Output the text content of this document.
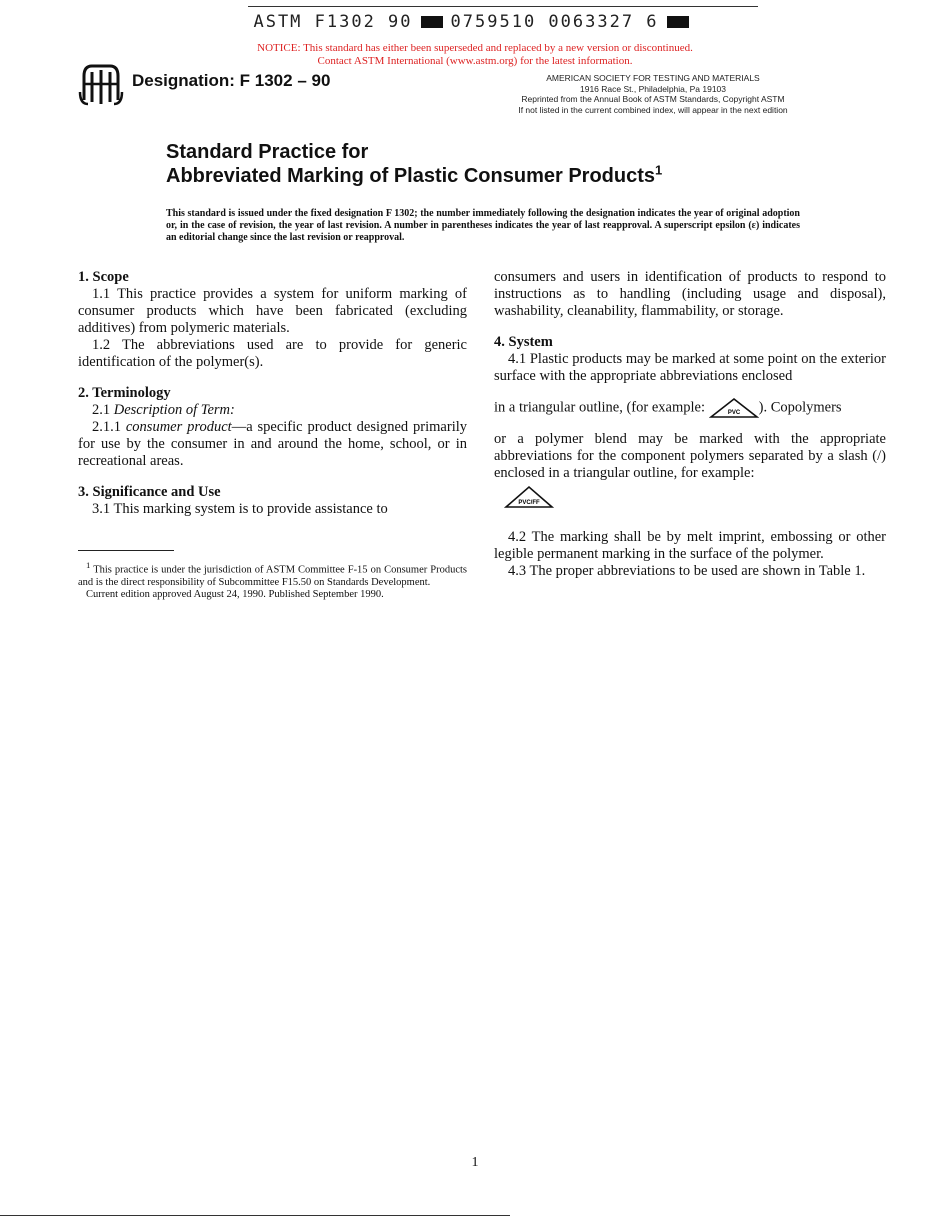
ASTM F1302 90 0759510 0063327 6
NOTICE: This standard has either been superseded and replaced by a new version or discontinued.
Contact ASTM International (www.astm.org) for the latest information.
Designation: F 1302 – 90	AMERICAN SOCIETY FOR TESTING AND MATERIALS
1916 Race St., Philadelphia, Pa 19103
Reprinted from the Annual Book of ASTM Standards, Copyright ASTM
If not listed in the current combined index, will appear in the next edition
Standard Practice for
Abbreviated Marking of Plastic Consumer Products$^1$
This standard is issued under the fixed designation F 1302; the number immediately following the designation indicates the year of original adoption or, in the case of revision, the year of last revision. A number in parentheses indicates the year of last reapproval. A superscript epsilon (ε) indicates an editorial change since the last revision or reapproval.
1. Scope

1.1 This practice provides a system for uniform marking of consumer products which have been fabricated (excluding additives) from polymeric materials.

1.2 The abbreviations used are to provide for generic identification of the polymer(s).

2. Terminology

2.1 Description of Term:

2.1.1 consumer product—a specific product designed primarily for use by the consumer in and around the home, school, or in recreational areas.

3. Significance and Use

3.1 This marking system is to provide assistance to

$^1$ This practice is under the jurisdiction of ASTM Committee F-15 on Consumer Products and is the direct responsibility of Subcommittee F15.50 on Standards Development.

Current edition approved August 24, 1990. Published September 1990.

consumers and users in identification of products to respond to instructions as to handling (including usage and disposal), washability, cleanability, flammability, or storage.

4. System

4.1 Plastic products may be marked at some point on the exterior surface with the appropriate abbreviations enclosed

in a triangular outline, (for example:	PVC ). Copolymers

or a polymer blend may be marked with the appropriate abbreviations for the component polymers separated by a slash (/) enclosed in a triangular outline, for example:

PVC/FF

4.2 The marking shall be by melt imprint, embossing or other legible permanent marking in the surface of the polymer.

4.3 The proper abbreviations to be used are shown in Table 1.

1
